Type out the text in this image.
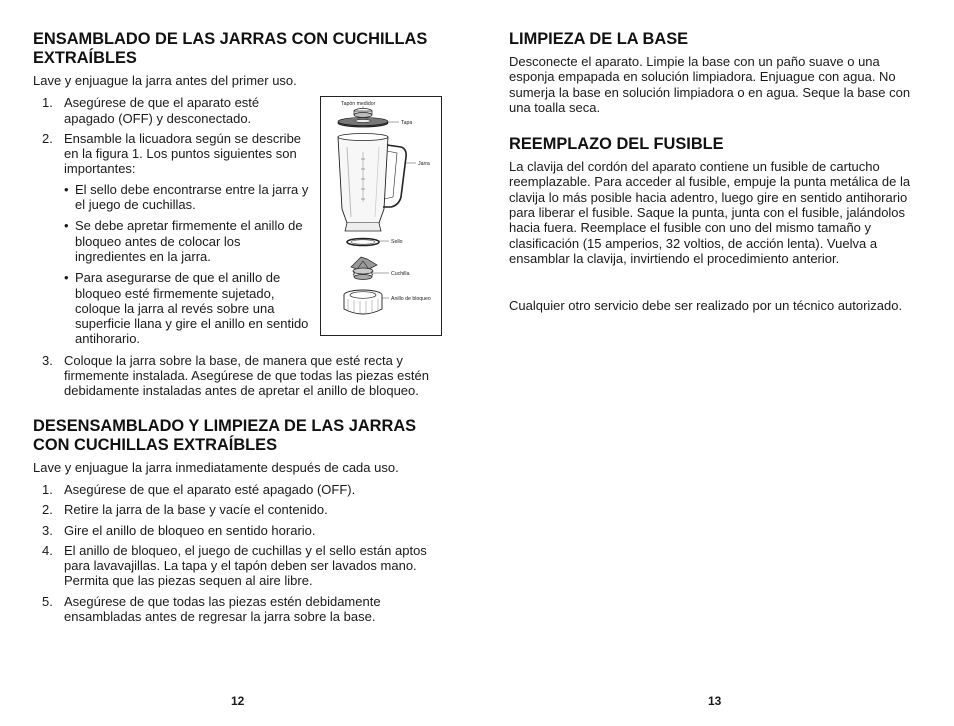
ENSAMBLADO DE LAS JARRAS CON CUCHILLAS EXTRAÍBLES

Lave y enjuague la jarra antes del primer uso.

1. Asegúrese de que el aparato esté apagado (OFF) y desconectado.
2. Ensamble la licuadora según se describe en la figura 1. Los puntos siguientes son importantes:
• El sello debe encontrarse entre la jarra y el juego de cuchillas.
• Se debe apretar firmemente el anillo de bloqueo antes de colocar los ingredientes en la jarra.
• Para asegurarse de que el anillo de bloqueo esté firmemente sujetado, coloque la jarra al revés sobre una superficie llana y gire el anillo en sentido antihorario.
3. Coloque la jarra sobre la base, de manera que esté recta y firmemente instalada. Asegúrese de que todas las piezas estén debidamente instaladas antes de apretar el anillo de bloqueo.
DESENSAMBLADO Y LIMPIEZA DE LAS JARRAS CON CUCHILLAS EXTRAÍBLES

Lave y enjuague la jarra inmediatamente después de cada uso.

1. Asegúrese de que el aparato esté apagado (OFF).
2. Retire la jarra de la base y vacíe el contenido.
3. Gire el anillo de bloqueo en sentido horario.
4. El anillo de bloqueo, el juego de cuchillas y el sello están aptos para lavavajillas. La tapa y el tapón deben ser lavados mano. Permita que las piezas sequen al aire libre.
5. Asegúrese de que todas las piezas estén debidamente ensambladas antes de regresar la jarra sobre la base.
Tapón medidor
Tapa
Jarra
Sello
Cuchilla
Anillo de bloqueo
LIMPIEZA DE LA BASE

Desconecte el aparato. Limpie la base con un paño suave o una esponja empapada en solución limpiadora. Enjuague con agua. No sumerja la base en solución limpiadora o en agua. Seque la base con una toalla seca.

REEMPLAZO DEL FUSIBLE

La clavija del cordón del aparato contiene un fusible de cartucho reemplazable. Para acceder al fusible, empuje la punta metálica de la clavija lo más posible hacia adentro, luego gire en sentido antihorario para liberar el fusible. Saque la punta, junta con el fusible, jalándolos hacia fuera. Reemplace el fusible con uno del mismo tamaño y clasificación (15 amperios, 32 voltios, de acción lenta). Vuelva a ensamblar la clavija, invirtiendo el procedimiento anterior.

Cualquier otro servicio debe ser realizado por un técnico autorizado.

12	13
